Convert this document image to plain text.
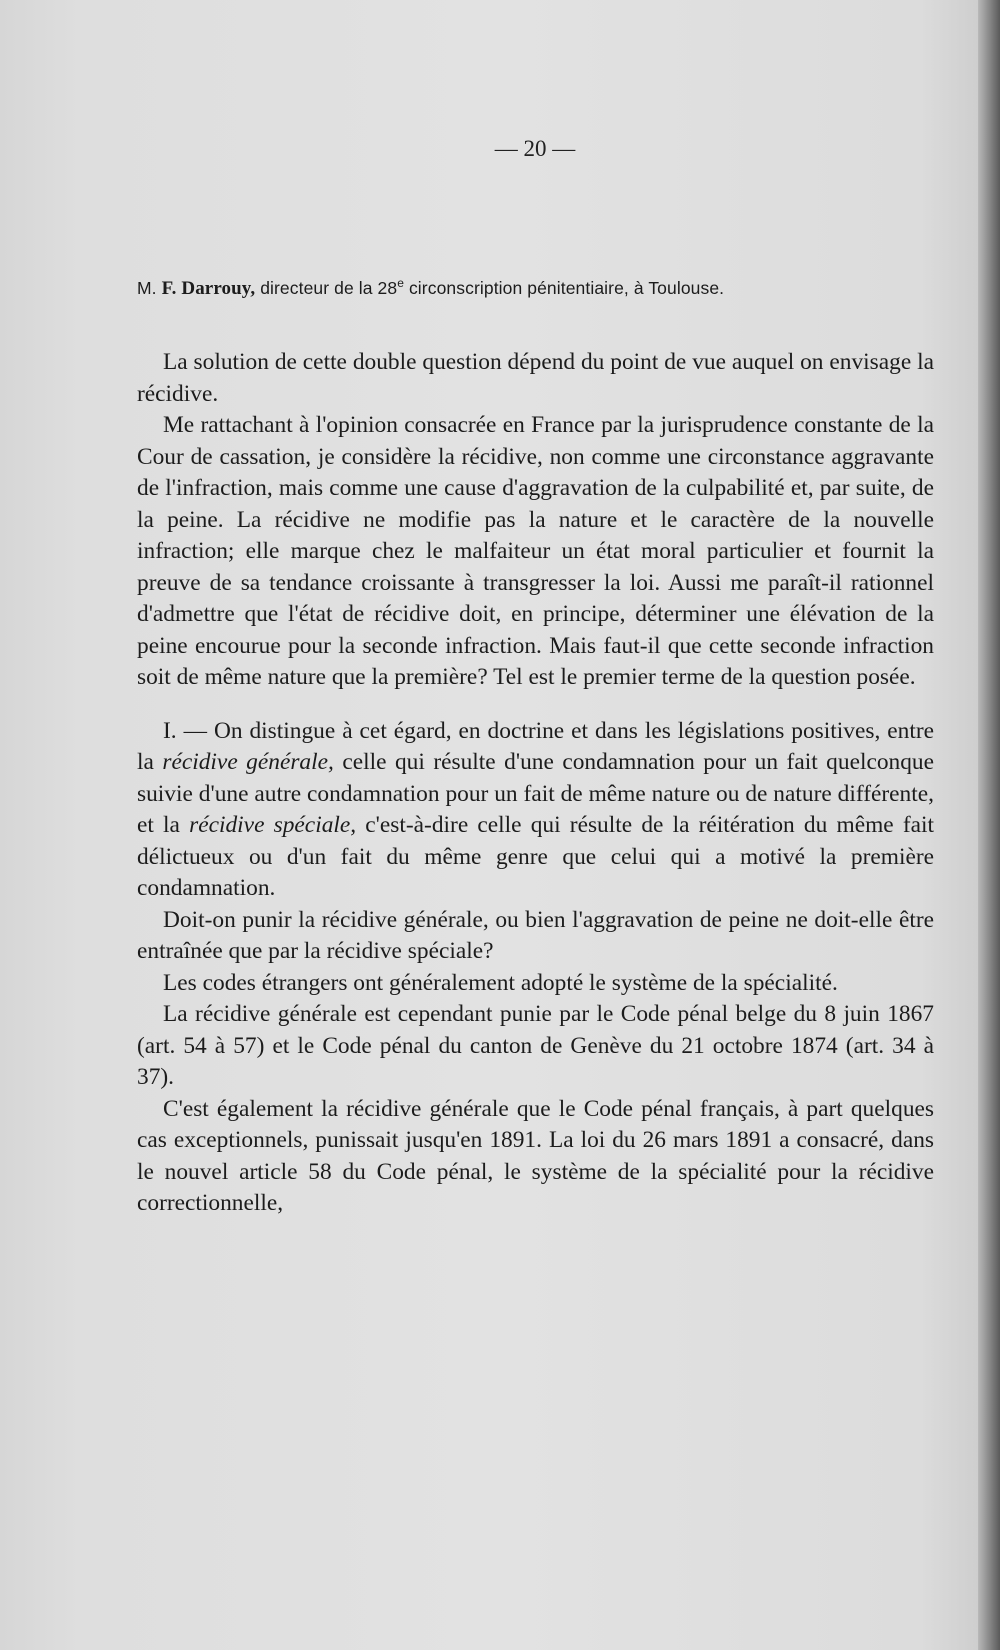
— 20 —

M. F. Darrouy, directeur de la 28e circonscription pénitentiaire, à Toulouse.

La solution de cette double question dépend du point de vue auquel on envisage la récidive.

Me rattachant à l'opinion consacrée en France par la jurisprudence constante de la Cour de cassation, je considère la récidive, non comme une circonstance aggravante de l'infraction, mais comme une cause d'aggravation de la culpabilité et, par suite, de la peine. La récidive ne modifie pas la nature et le caractère de la nouvelle infraction; elle marque chez le malfaiteur un état moral particulier et fournit la preuve de sa tendance croissante à transgresser la loi. Aussi me paraît-il rationnel d'admettre que l'état de récidive doit, en principe, déterminer une élévation de la peine encourue pour la seconde infraction. Mais faut-il que cette seconde infraction soit de même nature que la première? Tel est le premier terme de la question posée.

I. — On distingue à cet égard, en doctrine et dans les législations positives, entre la récidive générale, celle qui résulte d'une condamnation pour un fait quelconque suivie d'une autre condamnation pour un fait de même nature ou de nature différente, et la récidive spéciale, c'est-à-dire celle qui résulte de la réitération du même fait délictueux ou d'un fait du même genre que celui qui a motivé la première condamnation.

Doit-on punir la récidive générale, ou bien l'aggravation de peine ne doit-elle être entraînée que par la récidive spéciale?

Les codes étrangers ont généralement adopté le système de la spécialité.

La récidive générale est cependant punie par le Code pénal belge du 8 juin 1867 (art. 54 à 57) et le Code pénal du canton de Genève du 21 octobre 1874 (art. 34 à 37).

C'est également la récidive générale que le Code pénal français, à part quelques cas exceptionnels, punissait jusqu'en 1891. La loi du 26 mars 1891 a consacré, dans le nouvel article 58 du Code pénal, le système de la spécialité pour la récidive correctionnelle,
